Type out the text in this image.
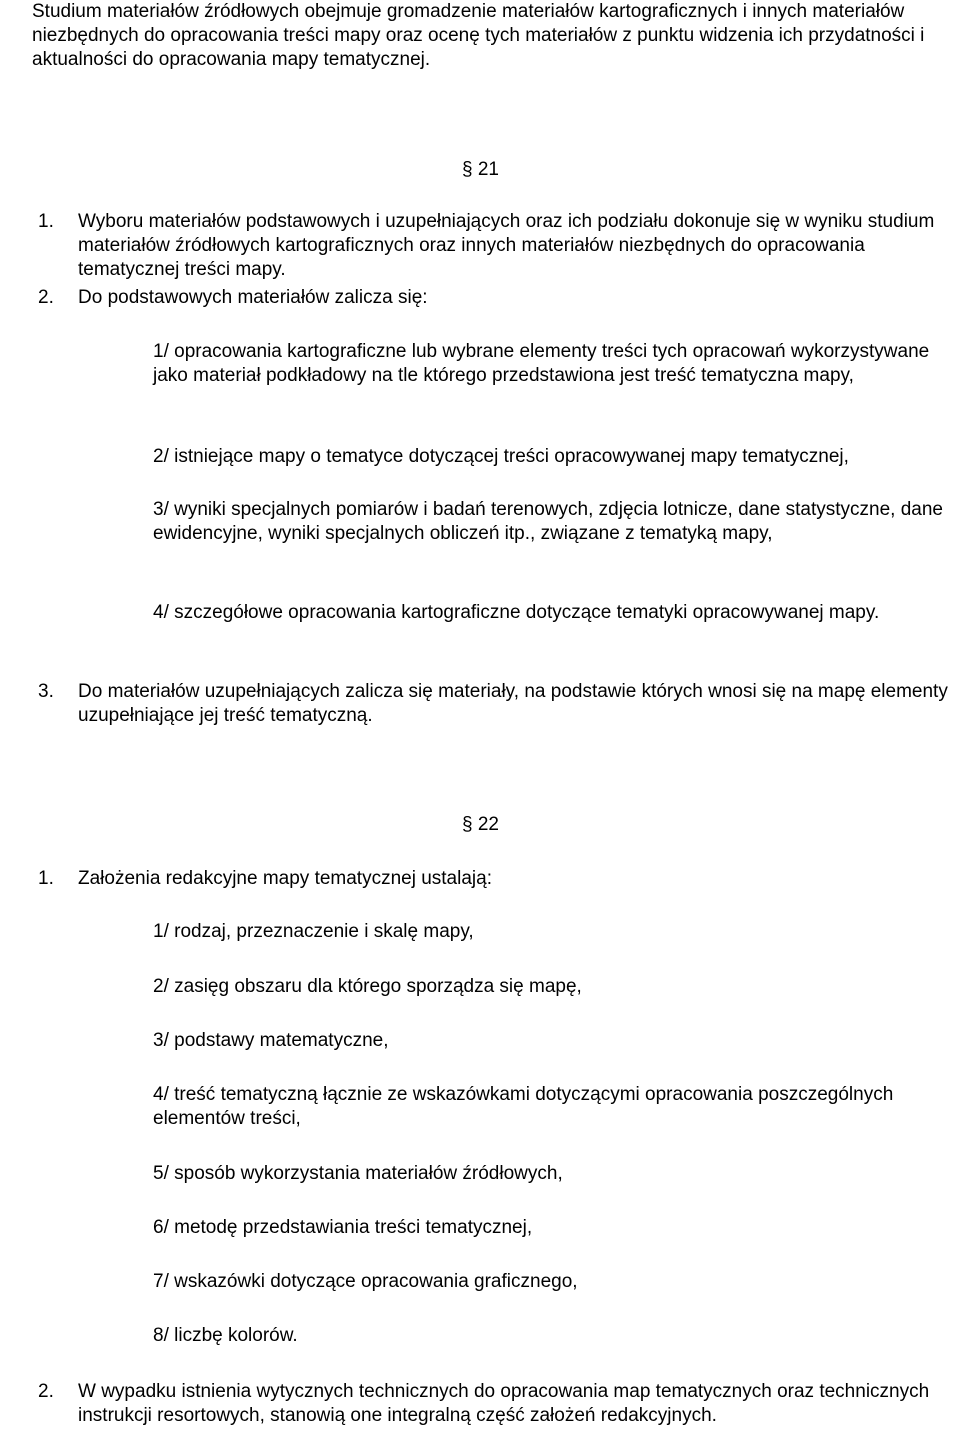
Studium materiałów źródłowych obejmuje gromadzenie materiałów kartograficznych i innych materiałów niezbędnych do opracowania treści mapy oraz ocenę tych materiałów z punktu widzenia ich przydatności i aktualności do opracowania mapy tematycznej.

§ 21
1. Wyboru materiałów podstawowych i uzupełniających oraz ich podziału dokonuje się w wyniku studium materiałów źródłowych kartograficznych oraz innych materiałów niezbędnych do opracowania tematycznej treści mapy.
2. Do podstawowych materiałów zalicza się:
1/ opracowania kartograficzne lub wybrane elementy treści tych opracowań wykorzystywane jako materiał podkładowy na tle którego przedstawiona jest treść tematyczna mapy,
2/ istniejące mapy o tematyce dotyczącej treści opracowywanej mapy tematycznej,
3/ wyniki specjalnych pomiarów i badań terenowych, zdjęcia lotnicze, dane statystyczne, dane ewidencyjne, wyniki specjalnych obliczeń itp., związane z tematyką mapy,
4/ szczegółowe opracowania kartograficzne dotyczące tematyki opracowywanej mapy.
3. Do materiałów uzupełniających zalicza się materiały, na podstawie których wnosi się na mapę elementy uzupełniające jej treść tematyczną.
§ 22
1. Założenia redakcyjne mapy tematycznej ustalają:
1/ rodzaj, przeznaczenie i skalę mapy,
2/ zasięg obszaru dla którego sporządza się mapę,
3/ podstawy matematyczne,
4/ treść tematyczną łącznie ze wskazówkami dotyczącymi opracowania poszczególnych elementów treści,
5/ sposób wykorzystania materiałów źródłowych,
6/ metodę przedstawiania treści tematycznej,
7/ wskazówki dotyczące opracowania graficznego,
8/ liczbę kolorów.
2. W wypadku istnienia wytycznych technicznych do opracowania map tematycznych oraz technicznych instrukcji resortowych, stanowią one integralną część założeń redakcyjnych.
